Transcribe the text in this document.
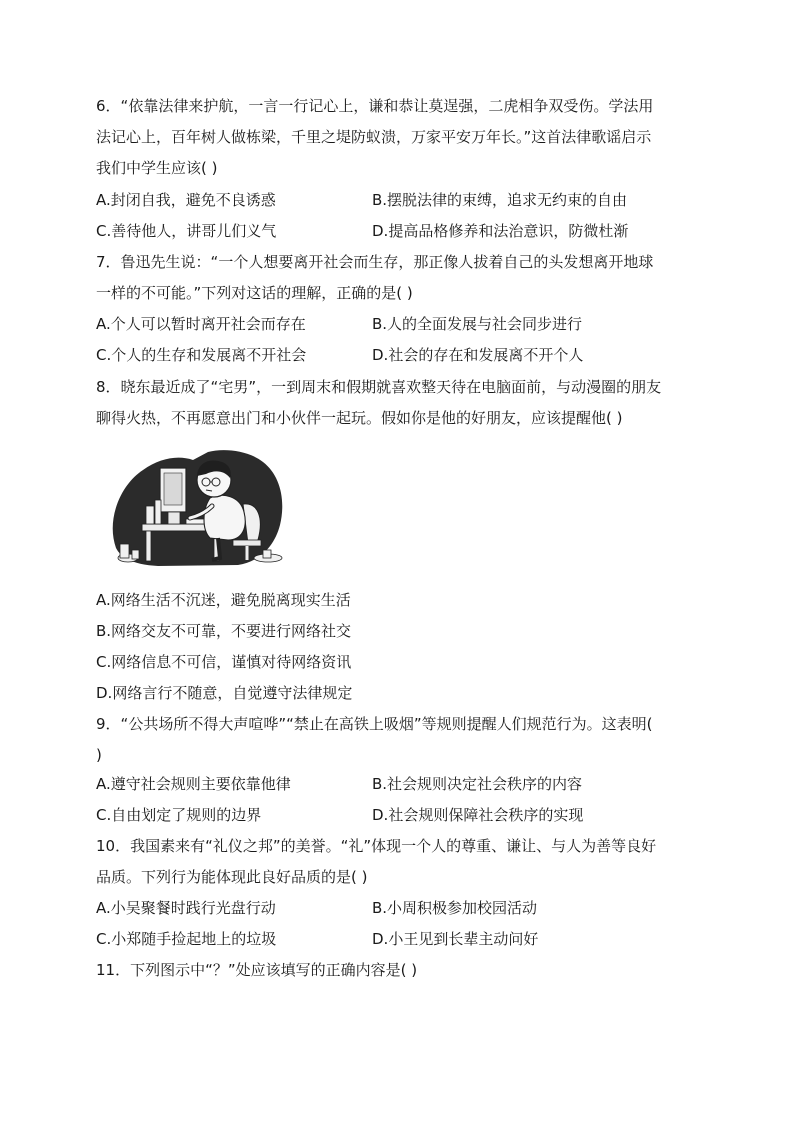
6．“依靠法律来护航，一言一行记心上，谦和恭让莫逞强，二虎相争双受伤。学法用
法记心上，百年树人做栋梁，千里之堤防蚁溃，万家平安万年长。”这首法律歌谣启示
我们中学生应该( )
A.封闭自我，避免不良诱惑	B.摆脱法律的束缚，追求无约束的自由
C.善待他人，讲哥儿们义气	D.提高品格修养和法治意识，防微杜渐
7．鲁迅先生说：“一个人想要离开社会而生存，那正像人拔着自己的头发想离开地球
一样的不可能。”下列对这话的理解，正确的是( )
A.个人可以暂时离开社会而存在	B.人的全面发展与社会同步进行
C.个人的生存和发展离不开社会	D.社会的存在和发展离不开个人
8．晓东最近成了“宅男”，一到周末和假期就喜欢整天待在电脑面前，与动漫圈的朋友
聊得火热，不再愿意出门和小伙伴一起玩。假如你是他的好朋友，应该提醒他( )
A.网络生活不沉迷，避免脱离现实生活
B.网络交友不可靠，不要进行网络社交
C.网络信息不可信，谨慎对待网络资讯
D.网络言行不随意，自觉遵守法律规定
9．“公共场所不得大声喧哗”“禁止在高铁上吸烟”等规则提醒人们规范行为。这表明(
)
A.遵守社会规则主要依靠他律	B.社会规则决定社会秩序的内容
C.自由划定了规则的边界	D.社会规则保障社会秩序的实现
10．我国素来有“礼仪之邦”的美誉。“礼”体现一个人的尊重、谦让、与人为善等良好
品质。下列行为能体现此良好品质的是( )
A.小吴聚餐时践行光盘行动	B.小周积极参加校园活动
C.小郑随手捡起地上的垃圾	D.小王见到长辈主动问好
11．下列图示中“？”处应该填写的正确内容是( )
